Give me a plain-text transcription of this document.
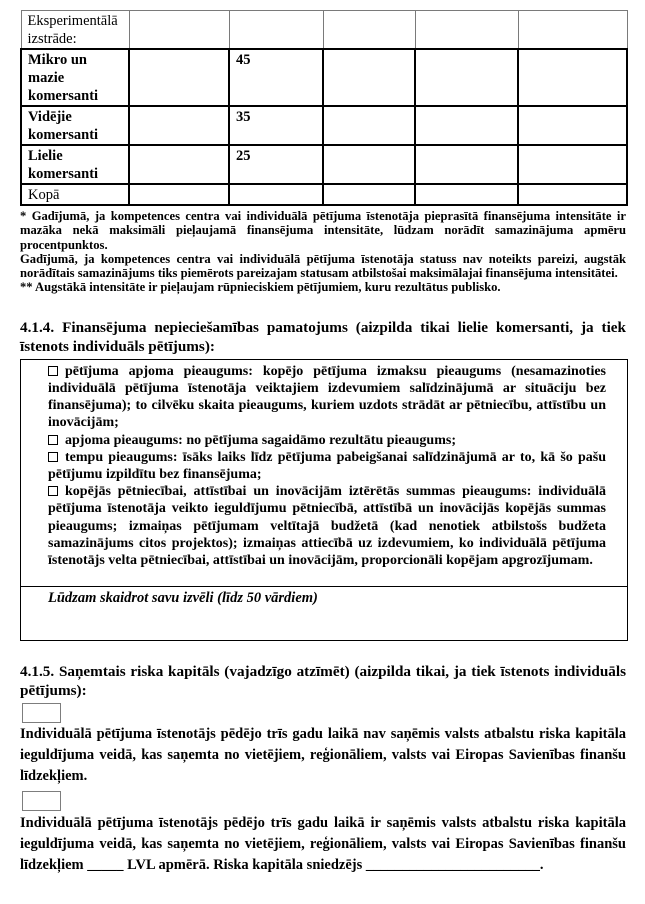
Eksperimentālā izstrāde:					
Mikro un mazie komersanti		45			
Vidējie komersanti		35			
Lielie komersanti		25			
Kopā					

* Gadījumā, ja kompetences centra vai individuālā pētījuma īstenotāja pieprasītā finansējuma intensitāte ir mazāka nekā maksimāli pieļaujamā finansējuma intensitāte, lūdzam norādīt samazinājuma apmēru procentpunktos.

Gadījumā, ja kompetences centra vai individuālā pētījuma īstenotāja statuss nav noteikts pareizi, augstāk norādītais samazinājums tiks piemērots pareizajam statusam atbilstošai maksimālajai finansējuma intensitātei.

** Augstākā intensitāte ir pieļaujam rūpnieciskiem pētījumiem, kuru rezultātus publisko.

4.1.4. Finansējuma nepieciešamības pamatojums (aizpilda tikai lielie komersanti, ja tiek īstenots individuāls pētījums):

pētījuma apjoma pieaugums: kopējo pētījuma izmaksu pieaugums (nesamazinoties individuālā pētījuma īstenotāja veiktajiem izdevumiem salīdzinājumā ar situāciju bez finansējuma); to cilvēku skaita pieaugums, kuriem uzdots strādāt ar pētniecību, attīstību un inovācijām;

apjoma pieaugums: no pētījuma sagaidāmo rezultātu pieaugums;

tempu pieaugums: īsāks laiks līdz pētījuma pabeigšanai salīdzinājumā ar to, kā šo pašu pētījumu izpildītu bez finansējuma;

kopējās pētniecībai, attīstībai un inovācijām iztērētās summas pieaugums: individuālā pētījuma īstenotāja veikto ieguldījumu pētniecībā, attīstībā un inovācijās kopējās summas pieaugums; izmaiņas pētījumam veltītajā budžetā (kad nenotiek atbilstošs budžeta samazinājums citos projektos); izmaiņas attiecībā uz izdevumiem, ko individuālā pētījuma īstenotājs velta pētniecībai, attīstībai un inovācijām, proporcionāli kopējam apgrozījumam.

Lūdzam skaidrot savu izvēli (līdz 50 vārdiem)
4.1.5. Saņemtais riska kapitāls (vajadzīgo atzīmēt) (aizpilda tikai, ja tiek īstenots individuāls pētījums):

Individuālā pētījuma īstenotājs pēdējo trīs gadu laikā nav saņēmis valsts atbalstu riska kapitāla ieguldījuma veidā, kas saņemta no vietējiem, reģionāliem, valsts vai Eiropas Savienības finanšu līdzekļiem.

Individuālā pētījuma īstenotājs pēdējo trīs gadu laikā ir saņēmis valsts atbalstu riska kapitāla ieguldījuma veidā, kas saņemta no vietējiem, reģionāliem, valsts vai Eiropas Savienības finanšu līdzekļiem _____ LVL apmērā. Riska kapitāla sniedzējs ________________________.
